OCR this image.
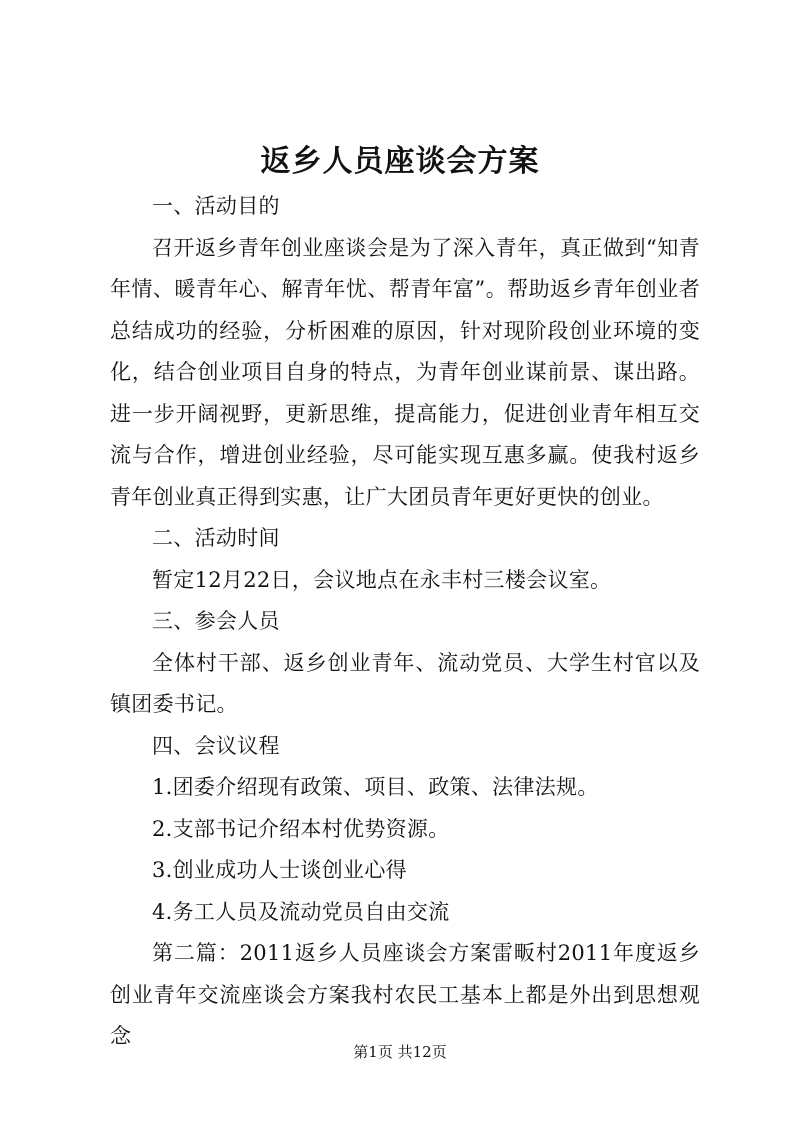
返乡人员座谈会方案

一、活动目的

召开返乡青年创业座谈会是为了深入青年，真正做到“知青年情、暖青年心、解青年忧、帮青年富”。帮助返乡青年创业者总结成功的经验，分析困难的原因，针对现阶段创业环境的变化，结合创业项目自身的特点，为青年创业谋前景、谋出路。进一步开阔视野，更新思维，提高能力，促进创业青年相互交流与合作，增进创业经验，尽可能实现互惠多赢。使我村返乡青年创业真正得到实惠，让广大团员青年更好更快的创业。

二、活动时间

暂定12月22日，会议地点在永丰村三楼会议室。

三、参会人员

全体村干部、返乡创业青年、流动党员、大学生村官以及镇团委书记。

四、会议议程

1.团委介绍现有政策、项目、政策、法律法规。

2.支部书记介绍本村优势资源。

3.创业成功人士谈创业心得

4.务工人员及流动党员自由交流

第二篇：2011返乡人员座谈会方案雷畈村2011年度返乡创业青年交流座谈会方案我村农民工基本上都是外出到思想观念

第1页 共12页
